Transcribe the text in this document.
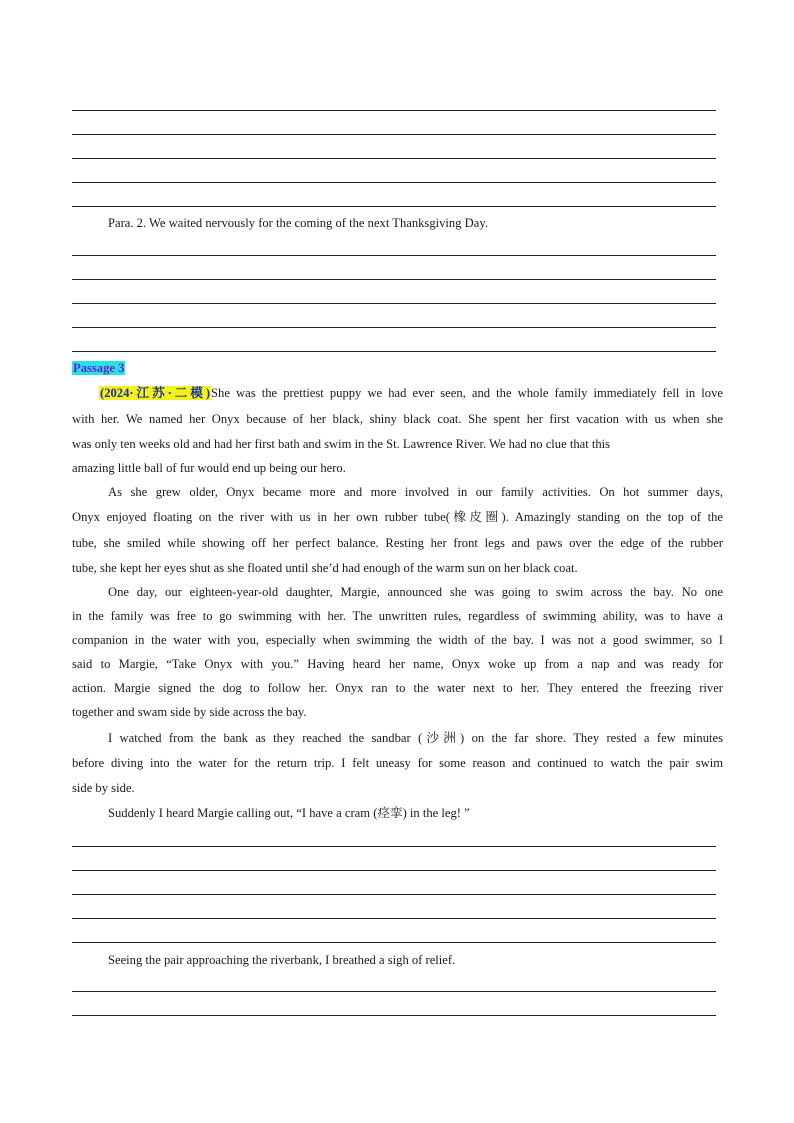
Para. 2. We waited nervously for the coming of the next Thanksgiving Day.
Passage 3
(2024·江苏·二模)She was the prettiest puppy we had ever seen, and the whole family immediately fell in love
with her. We named her Onyx because of her black, shiny black coat. She spent her first vacation with us when she
was only ten weeks old and had her first bath and swim in the St. Lawrence River. We had no clue that this
amazing little ball of fur would end up being our hero.
As she grew older, Onyx became more and more involved in our family activities. On hot summer days,
Onyx enjoyed floating on the river with us in her own rubber tube(橡皮圈). Amazingly standing on the top of the
tube, she smiled while showing off her perfect balance. Resting her front legs and paws over the edge of the rubber
tube, she kept her eyes shut as she floated until she’d had enough of the warm sun on her black coat.
One day, our eighteen-year-old daughter, Margie, announced she was going to swim across the bay. No one
in the family was free to go swimming with her. The unwritten rules, regardless of swimming ability, was to have a
companion in the water with you, especially when swimming the width of the bay. I was not a good swimmer, so I
said to Margie, “Take Onyx with you.” Having heard her name, Onyx woke up from a nap and was ready for
action. Margie signed the dog to follow her. Onyx ran to the water next to her. They entered the freezing river
together and swam side by side across the bay.
I watched from the bank as they reached the sandbar (沙洲) on the far shore. They rested a few minutes
before diving into the water for the return trip. I felt uneasy for some reason and continued to watch the pair swim
side by side.
Suddenly I heard Margie calling out, “I have a cram (痉挛) in the leg! ”
Seeing the pair approaching the riverbank, I breathed a sigh of relief.
